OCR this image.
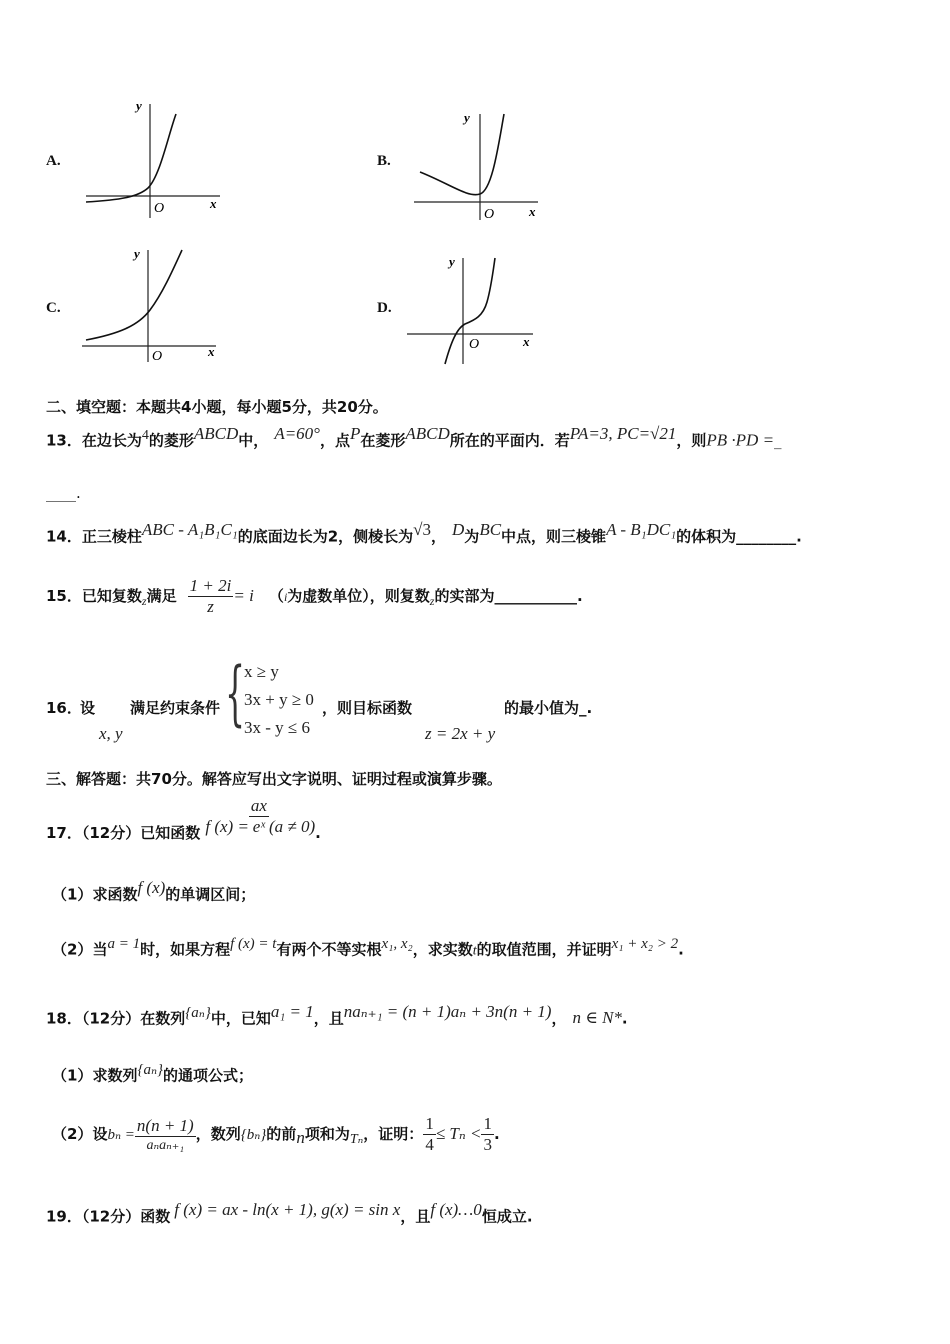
A.
y
x
O
B.
y
x
O
C.
y
x
O
D.
y
x
O
二、填空题：本题共4小题，每小题5分，共20分。
13．在边长为$^4$的菱形$^{ABCD}$中， $^{A=60^\circ}$，点$^P$在菱形$^{ABCD}$所在的平面内．若$^{PA=3, PC=√21}$，则PB ·PD =_
____.
14．正三棱柱$^{ABC - A_1B_1C_1}$的底面边长为2，侧棱长为$^{√3}$， $^D$为$^{BC}$中点，则三棱锥$^{A - B_1DC_1}$的体积为________.
15．已知复数$_z$满足 $\frac{1 + 2i}{z} = i$ （i为虚数单位），则复数$_z$的实部为___________.
16．
设
x, y
满足约束条件 {
x ≥ y
3x + y ≥ 0
3x - y ≤ 6
，则目标函数
z = 2x + y
的最小值为_.
三、解答题：共70分。解答应写出文字说明、证明过程或演算步骤。
17．（12分）已知函数 f $(x) = \frac{ax}{\text{eˣ}} (a \ne 0)$.
（1）求函数$^{f (x)}$的单调区间；
（2）当$^{a = 1}$时，如果方程$^{f (x) = t}$有两个不等实根$^{x_1, x_2}$，求实数t的取值范围，并证明$^{x_1 + x_2 > 2}$.
18．（12分）在数列$^{\{a_n\}}$中，已知$^{a_1 = 1}$，且$^{na_{n+1} = (n + 1)a_n + 3n(n + 1)}$， n ∈ N*.
（1）求数列$^{\{a_n\}}$的通项公式；
（2）设$b_n = \frac{n(n + 1)}{\text{aₙaₙ₊₁}}$ ，数列{bₙ}的前$_n$项和为$_{T_n}$，证明： $\frac{1}{4} \le T_n < \frac{1}{3}$ .
19．（12分）函数 $^{f (x) = ax - ln(x + 1), g(x) = sin x}$，且$^{f (x)\dots 0}$恒成立.
